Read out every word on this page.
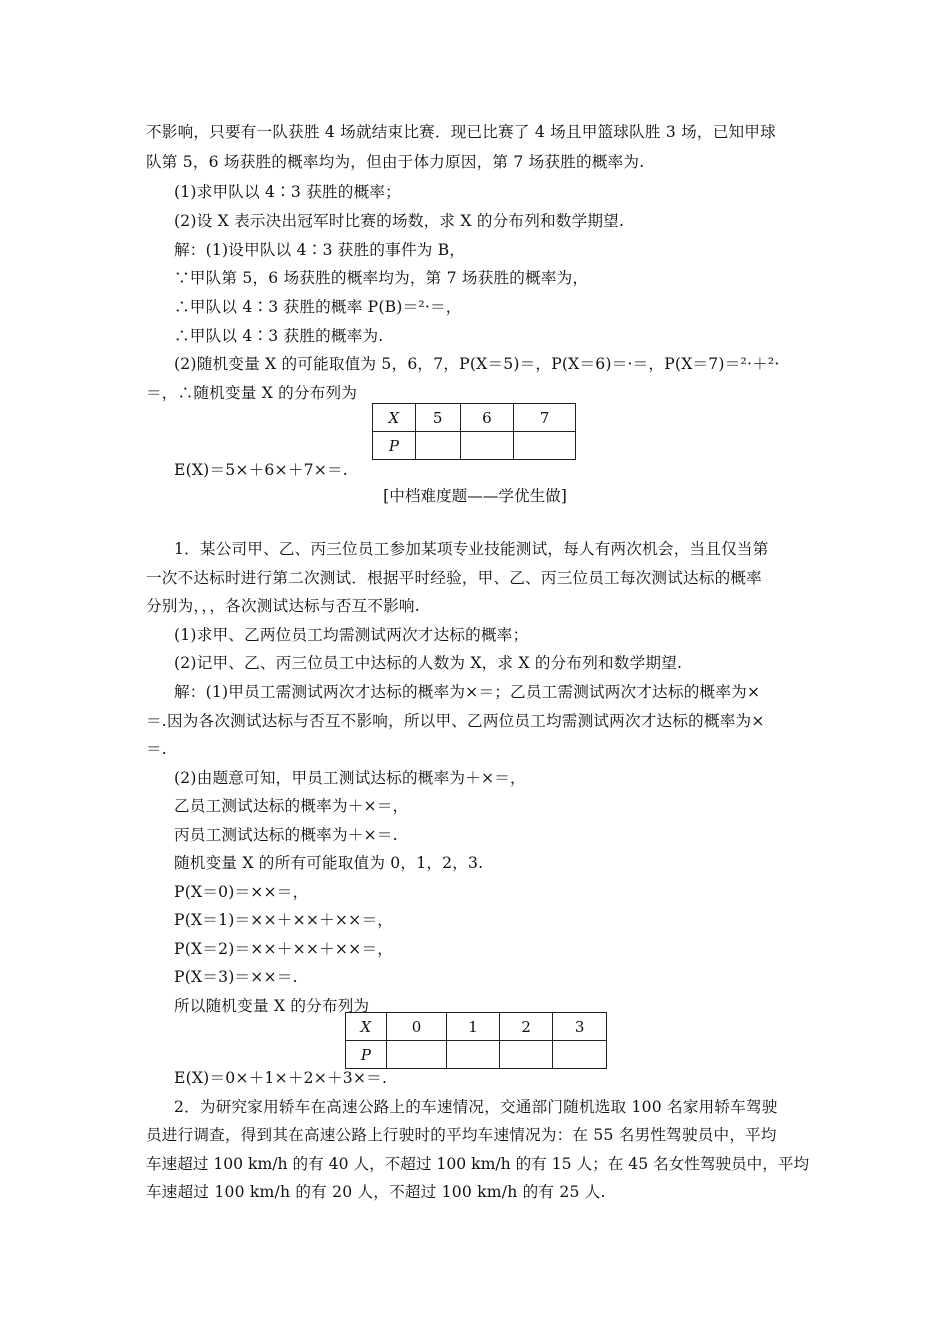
不影响，只要有一队获胜 4 场就结束比赛．现已比赛了 4 场且甲篮球队胜 3 场，已知甲球
队第 5，6 场获胜的概率均为，但由于体力原因，第 7 场获胜的概率为.
(1)求甲队以 4∶3 获胜的概率；
(2)设 X 表示决出冠军时比赛的场数，求 X 的分布列和数学期望.
解：(1)设甲队以 4∶3 获胜的事件为 B，
∵甲队第 5，6 场获胜的概率均为，第 7 场获胜的概率为，
∴甲队以 4∶3 获胜的概率 P(B)＝²·＝，
∴甲队以 4∶3 获胜的概率为.
(2)随机变量 X 的可能取值为 5，6，7，P(X＝5)＝，P(X＝6)＝·＝，P(X＝7)＝²·＋²·
＝，∴随机变量 X 的分布列为
X	5	6	7
P			
E(X)＝5×＋6×＋7×＝.
[中档难度题——学优生做]
1．某公司甲、乙、丙三位员工参加某项专业技能测试，每人有两次机会，当且仅当第
一次不达标时进行第二次测试．根据平时经验，甲、乙、丙三位员工每次测试达标的概率
分别为，，，各次测试达标与否互不影响.
(1)求甲、乙两位员工均需测试两次才达标的概率；
(2)记甲、乙、丙三位员工中达标的人数为 X，求 X 的分布列和数学期望.
解：(1)甲员工需测试两次才达标的概率为×＝；乙员工需测试两次才达标的概率为×
＝.因为各次测试达标与否互不影响，所以甲、乙两位员工均需测试两次才达标的概率为×
＝.
(2)由题意可知，甲员工测试达标的概率为＋×＝，
乙员工测试达标的概率为＋×＝，
丙员工测试达标的概率为＋×＝.
随机变量 X 的所有可能取值为 0，1，2，3.
P(X＝0)＝××＝，
P(X＝1)＝××＋××＋××＝，
P(X＝2)＝××＋××＋××＝，
P(X＝3)＝××＝.
所以随机变量 X 的分布列为
X	0	1	2	3
P				
E(X)＝0×＋1×＋2×＋3×＝.
2．为研究家用轿车在高速公路上的车速情况，交通部门随机选取 100 名家用轿车驾驶
员进行调查，得到其在高速公路上行驶时的平均车速情况为：在 55 名男性驾驶员中，平均
车速超过 100 km/h 的有 40 人，不超过 100 km/h 的有 15 人；在 45 名女性驾驶员中，平均
车速超过 100 km/h 的有 20 人，不超过 100 km/h 的有 25 人.
